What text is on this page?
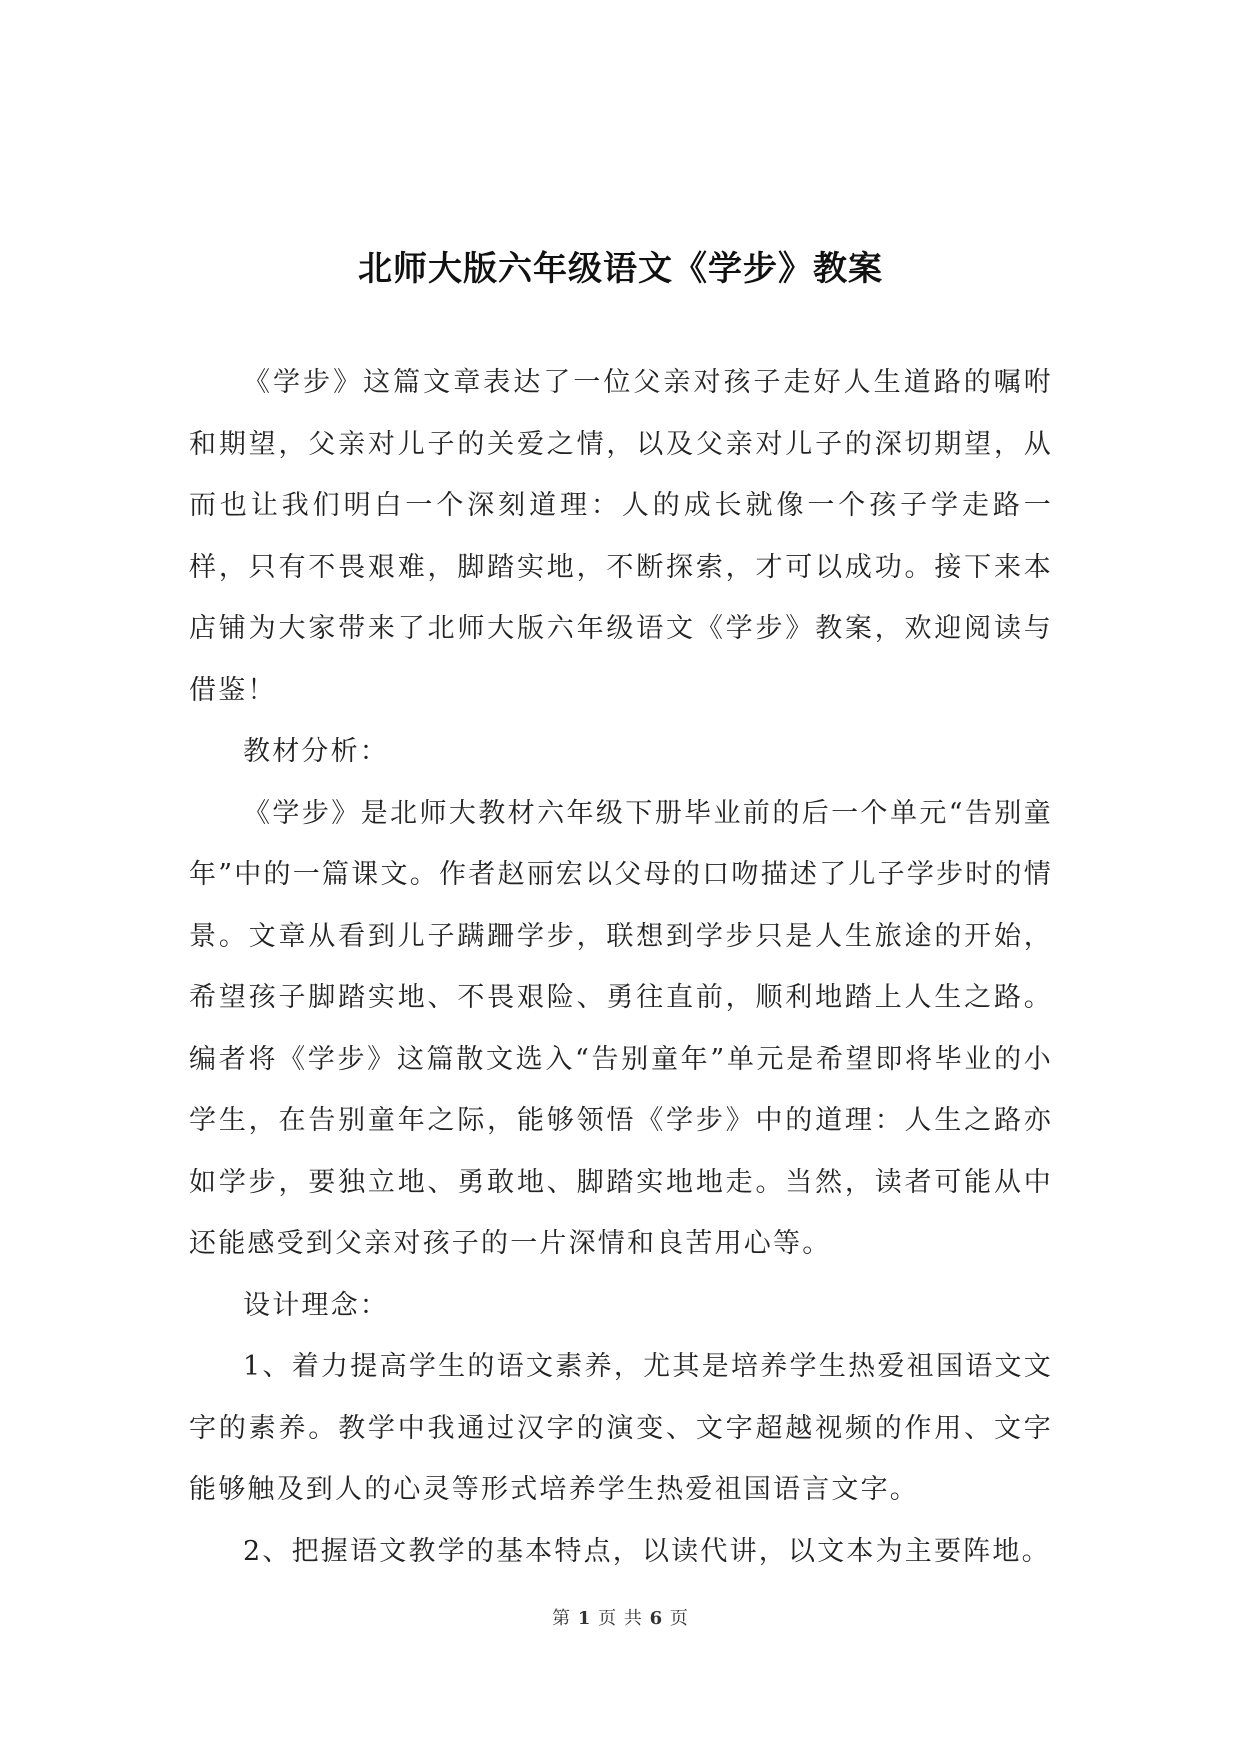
北师大版六年级语文《学步》教案

《学步》这篇文章表达了一位父亲对孩子走好人生道路的嘱咐和期望，父亲对儿子的关爱之情，以及父亲对儿子的深切期望，从而也让我们明白一个深刻道理：人的成长就像一个孩子学走路一样，只有不畏艰难，脚踏实地，不断探索，才可以成功。接下来本店铺为大家带来了北师大版六年级语文《学步》教案，欢迎阅读与借鉴！

教材分析：

《学步》是北师大教材六年级下册毕业前的后一个单元“告别童年”中的一篇课文。作者赵丽宏以父母的口吻描述了儿子学步时的情景。文章从看到儿子蹒跚学步，联想到学步只是人生旅途的开始，希望孩子脚踏实地、不畏艰险、勇往直前，顺利地踏上人生之路。编者将《学步》这篇散文选入“告别童年”单元是希望即将毕业的小学生，在告别童年之际，能够领悟《学步》中的道理：人生之路亦如学步，要独立地、勇敢地、脚踏实地地走。当然，读者可能从中还能感受到父亲对孩子的一片深情和良苦用心等。

设计理念：

1、着力提高学生的语文素养，尤其是培养学生热爱祖国语文文字的素养。教学中我通过汉字的演变、文字超越视频的作用、文字能够触及到人的心灵等形式培养学生热爱祖国语言文字。

2、把握语文教学的基本特点，以读代讲，以文本为主要阵地。

第 1 页 共 6 页
